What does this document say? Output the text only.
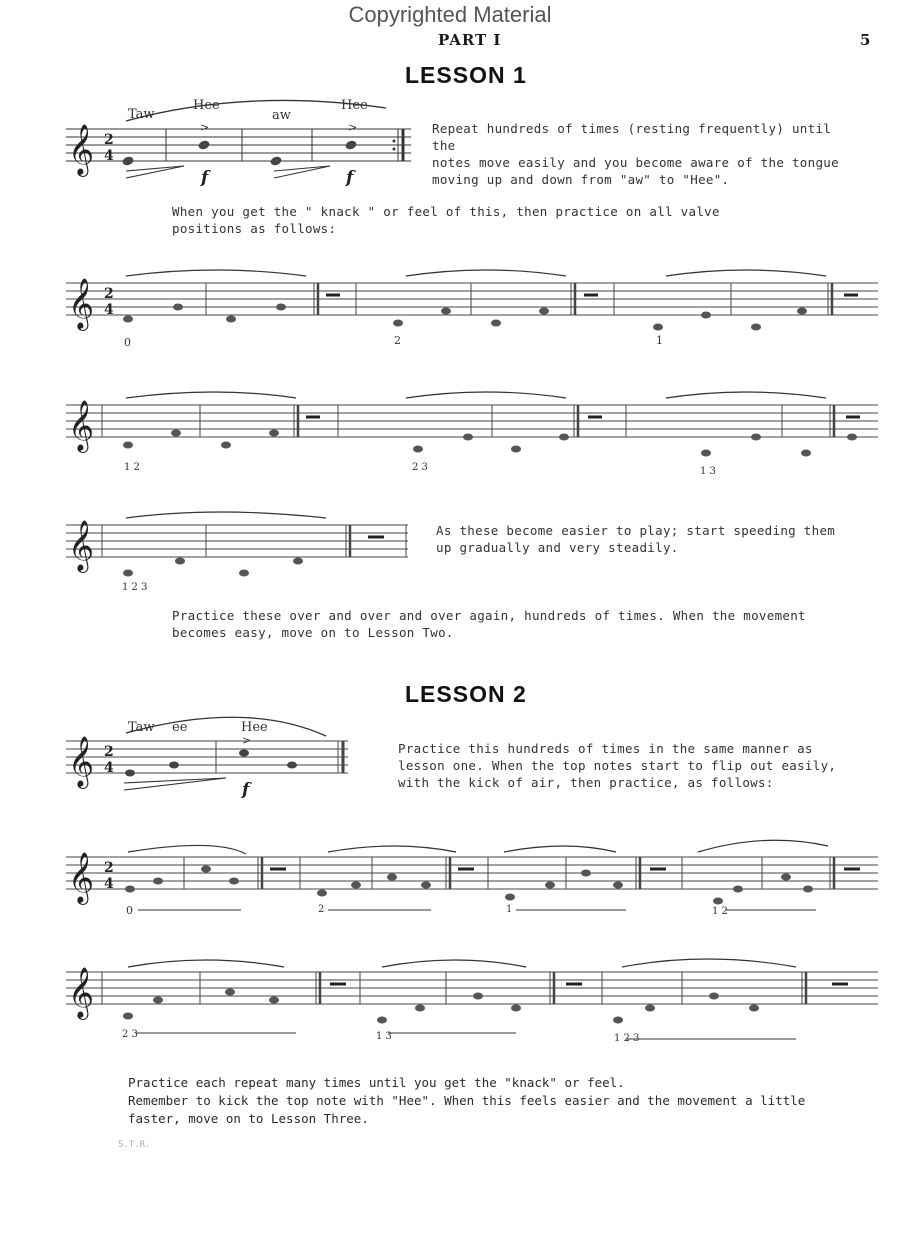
Copyrighted Material
PART I	5
LESSON 1
Taw
Hee
aw
Hee
𝄞 2
4
>	>
f	f
Repeat hundreds of times (resting frequently) until the
notes move easily and you become aware of the tongue
moving up and down from "aw" to "Hee".
When you get the " knack " or feel of this, then practice on all valve
positions as follows:
𝄞 2
4
0	2	1
𝄞
1 2	2 3	1 3
𝄞
1 2 3
As these become easier to play; start speeding them
up gradually and very steadily.
Practice these over and over and over again, hundreds of times. When the movement
becomes easy, move on to Lesson Two.
LESSON 2
Taw ee	Hee
𝄞 2
4
>
f
Practice this hundreds of times in the same manner as
lesson one. When the top notes start to flip out easily,
with the kick of air, then practice, as follows:
𝄞 2
4
0	2	1	1 2
𝄞
2 3	1 3	1 2 3
Practice each repeat many times until you get the "knack" or feel.
Remember to kick the top note with "Hee". When this feels easier and the movement a little
faster, move on to Lesson Three.
S.T.R.
